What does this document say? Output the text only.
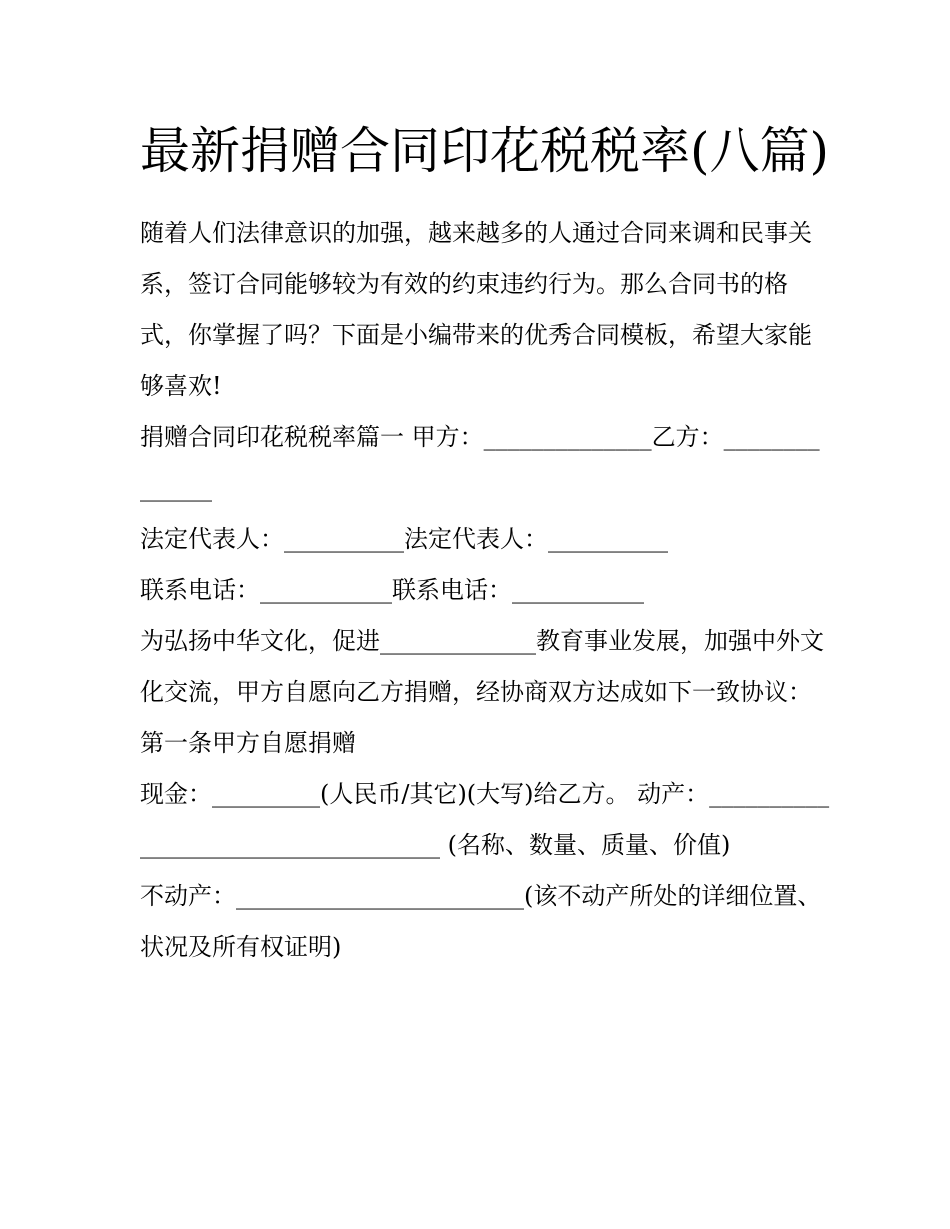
最新捐赠合同印花税税率(八篇)

随着人们法律意识的加强，越来越多的人通过合同来调和民事关系，签订合同能够较为有效的约束违约行为。那么合同书的格式，你掌握了吗？下面是小编带来的优秀合同模板，希望大家能够喜欢!

捐赠合同印花税税率篇一 甲方：______________乙方：______________

法定代表人：__________法定代表人：__________

联系电话：___________联系电话：___________

为弘扬中华文化，促进_____________教育事业发展，加强中外文化交流，甲方自愿向乙方捐赠，经协商双方达成如下一致协议： 第一条甲方自愿捐赠

现金：_________(人民币/其它)(大写)给乙方。 动产：___________________________________ (名称、数量、质量、价值)

不动产：________________________(该不动产所处的详细位置、状况及所有权证明)
